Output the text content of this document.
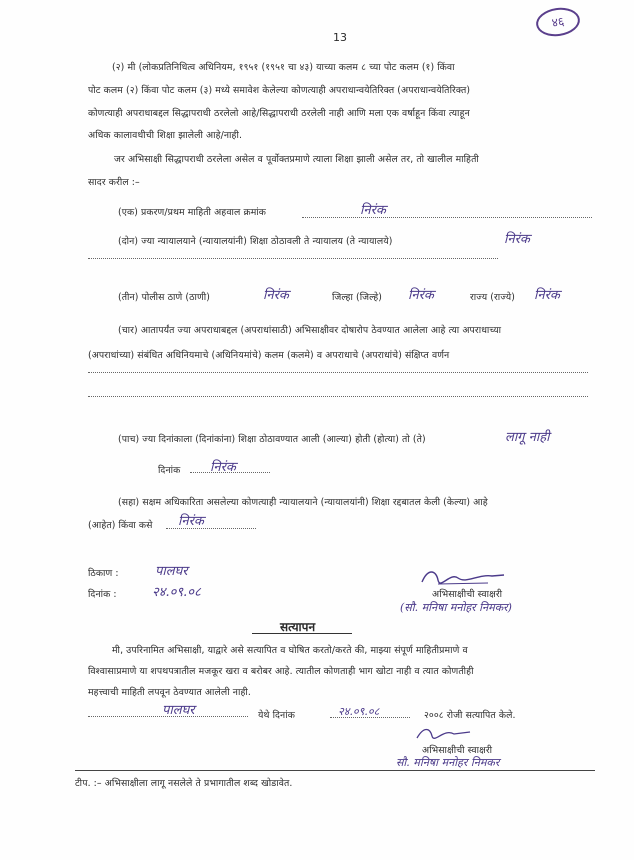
13
४६
(२) मी (लोकप्रतिनिधित्व अधिनियम, १९५१ (१९५१ चा ४३) याच्या कलम ८ च्या पोट कलम (१) किंवा
पोट कलम (२) किंवा पोट कलम (३) मध्ये समावेश केलेल्या कोणत्याही अपराधान्वयेतिरिक्त (अपराधान्वयेतिरिक्त)
कोणत्याही अपराधाबद्दल सिद्धापराधी ठरलेलो आहे/सिद्धापराधी ठरलेली नाही आणि मला एक वर्षाहून किंवा त्याहून
अधिक कालावधीची शिक्षा झालेली आहे/नाही.
जर अभिसाक्षी सिद्धापराधी ठरलेला असेल व पूर्वोक्तप्रमाणे त्याला शिक्षा झाली असेल तर, तो खालील माहिती
सादर करील :–
(एक) प्रकरण/प्रथम माहिती अहवाल क्रमांक	निरंक
(दोन) ज्या न्यायालयाने (न्यायालयांनी) शिक्षा ठोठावली ते न्यायालय (ते न्यायालये)	निरंक
(तीन) पोलीस ठाणे (ठाणी)	निरंक	जिल्हा (जिल्हे) निरंक	राज्य (राज्ये) निरंक
(चार) आतापर्यंत ज्या अपराधाबद्दल (अपराधांसाठी) अभिसाक्षीवर दोषारोप ठेवण्यात आलेला आहे त्या अपराधाच्या
(अपराधांच्या) संबंधित अधिनियमाचे (अधिनियमांचे) कलम (कलमे) व अपराधाचे (अपराधांचे) संक्षिप्त वर्णन
(पाच) ज्या दिनांकाला (दिनांकांना) शिक्षा ठोठावण्यात आली (आल्या) होती (होत्या) तो (ते)	लागू नाही
दिनांक निरंक
(सहा) सक्षम अधिकारिता असलेल्या कोणत्याही न्यायालयाने (न्यायालयांनी) शिक्षा रद्दबातल केली (केल्या) आहे
(आहेत) किंवा कसे निरंक
ठिकाण :	पालघर
दिनांक :	२४.०९.०८	अभिसाक्षीची स्वाक्षरी
(सौ. मनिषा मनोहर निमकर)
सत्यापन
मी, उपरिनामित अभिसाक्षी, याद्वारे असे सत्यापित व घोषित करतो/करते की, माझ्या संपूर्ण माहितीप्रमाणे व
विश्वासाप्रमाणे या शपथपत्रातील मजकूर खरा व बरोबर आहे. त्यातील कोणताही भाग खोटा नाही व त्यात कोणतीही
महत्त्वाची माहिती लपवून ठेवण्यात आलेली नाही.
पालघर	येथे दिनांक	२४.०९.०८	२००८ रोजी सत्यापित केले.
अभिसाक्षीची स्वाक्षरी
सौ. मनिषा मनोहर निमकर
टीप. :– अभिसाक्षीला लागू नसलेले ते प्रभागातील शब्द खोडावेत.
